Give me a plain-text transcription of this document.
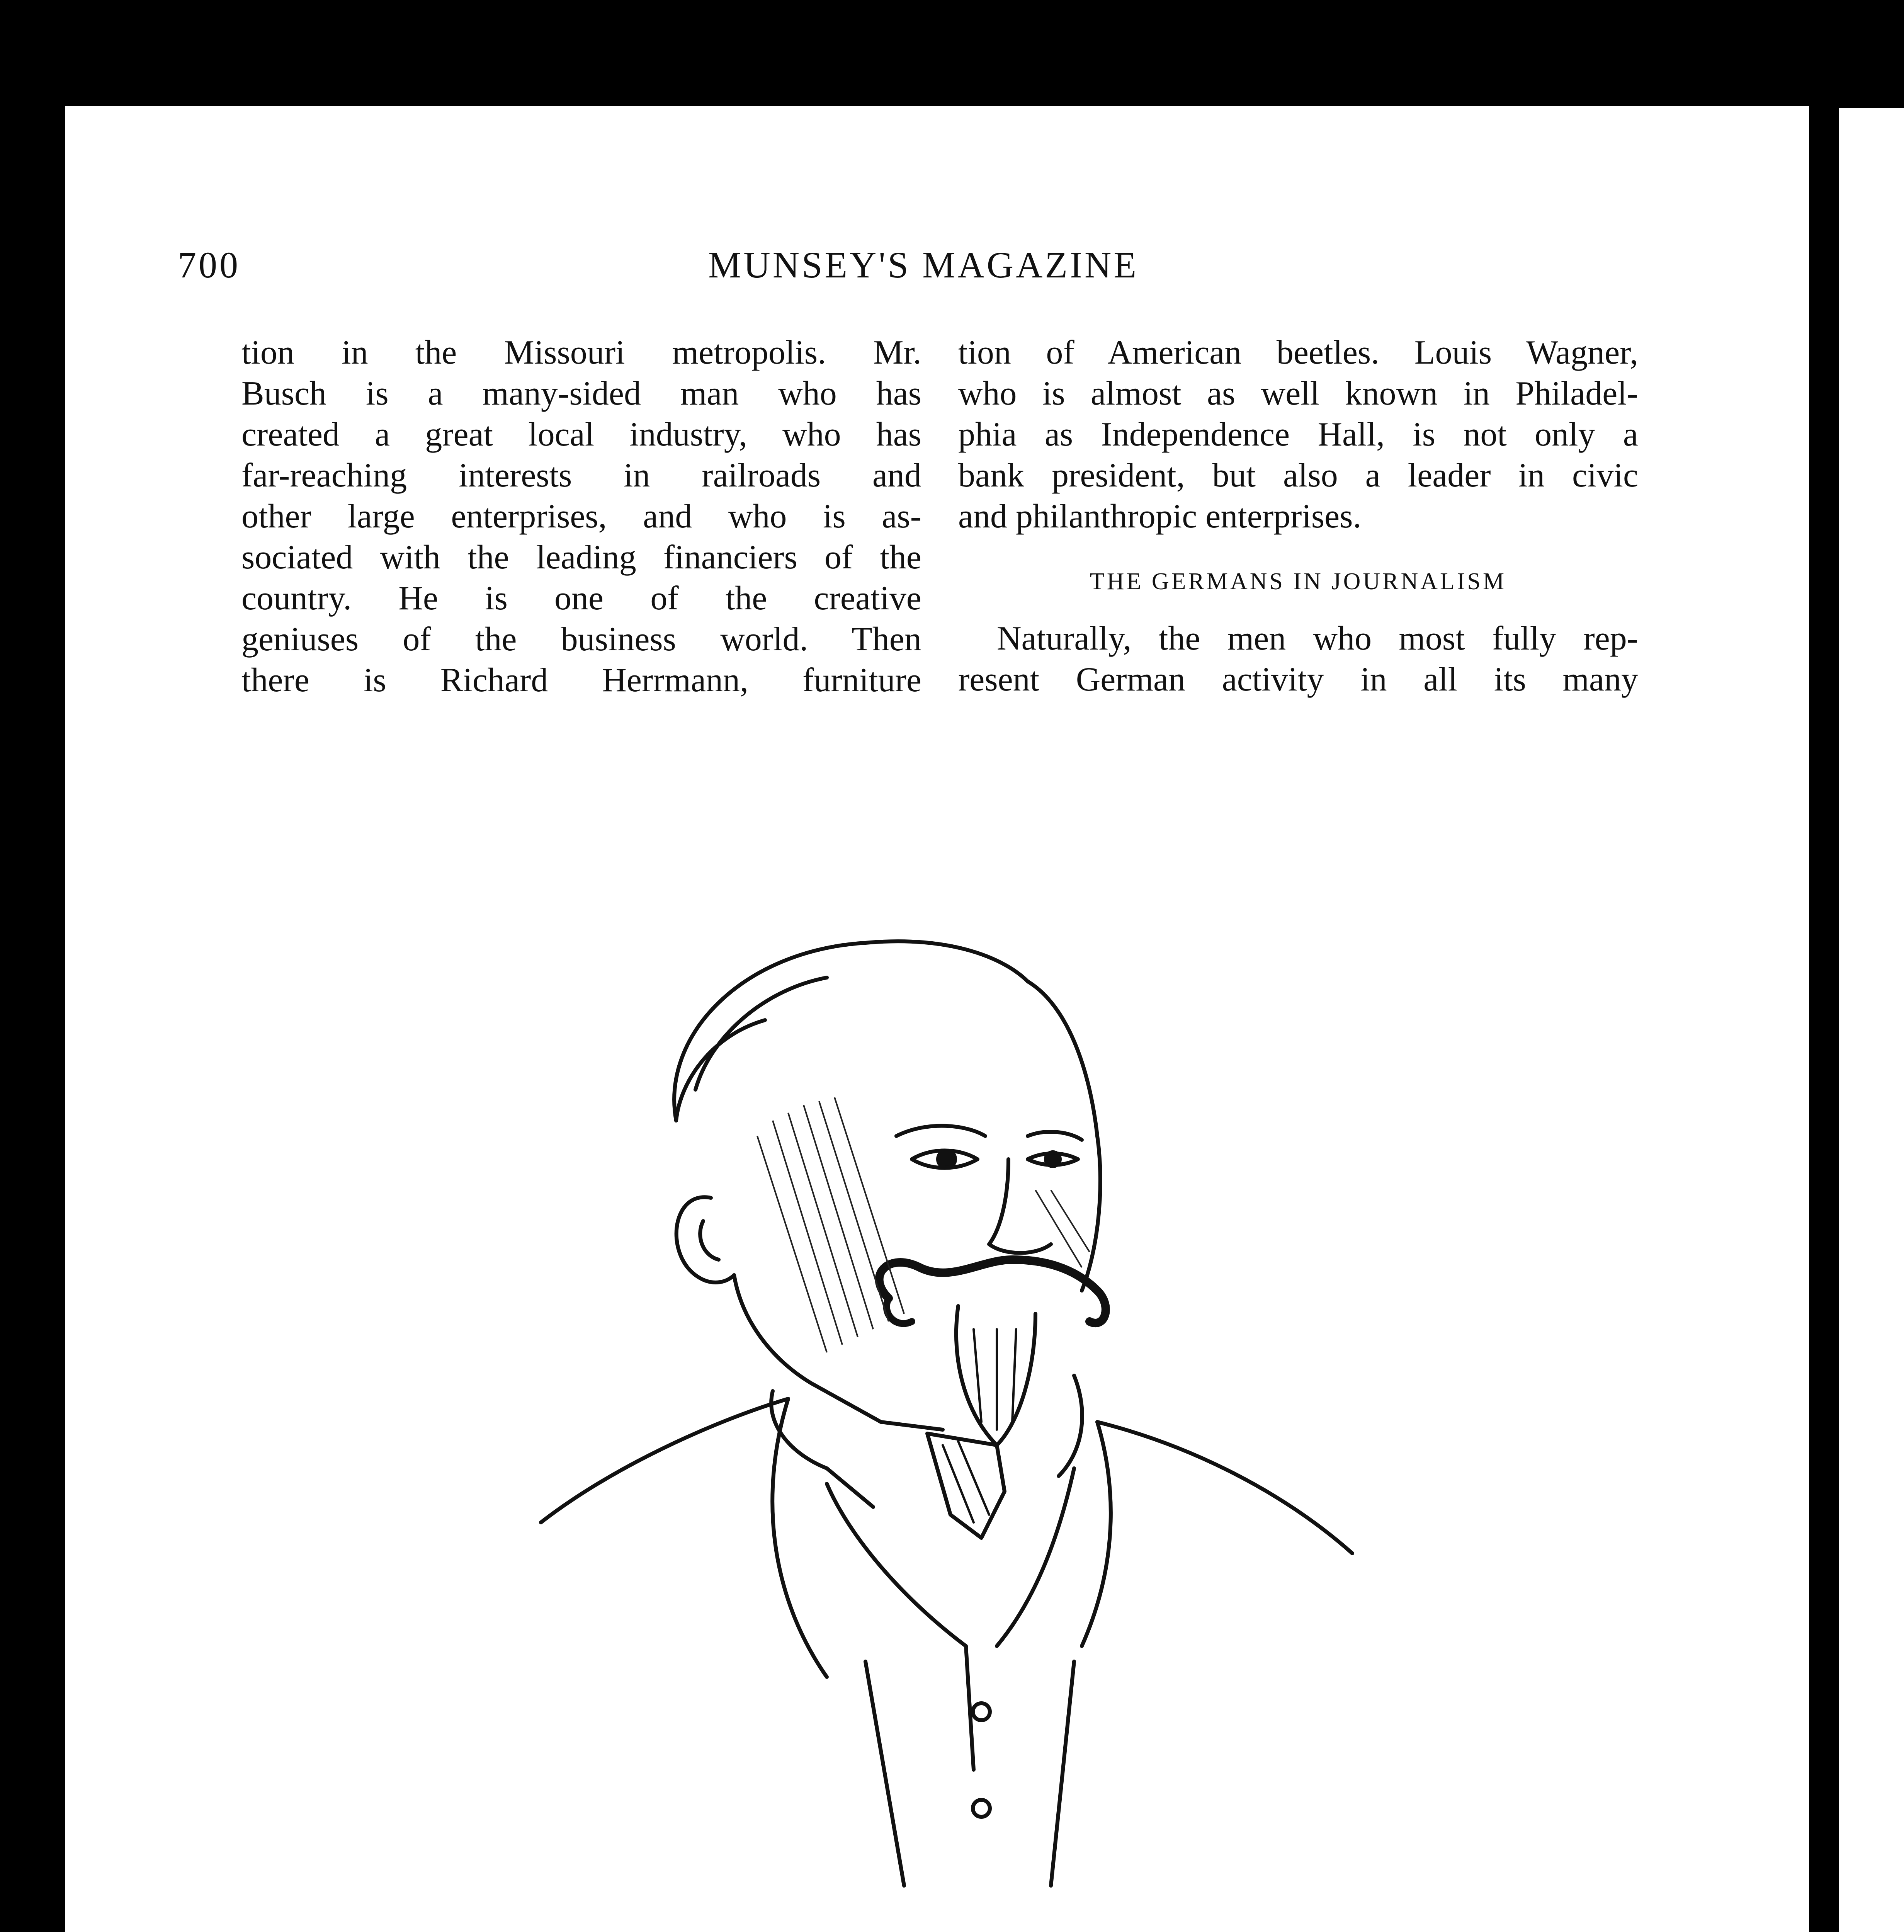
700	MUNSEY'S MAGAZINE

tion in the Missouri metropolis. Mr.

Busch is a many-sided man who has

created a great local industry, who has

far-reaching interests in railroads and

other large enterprises, and who is as-

sociated with the leading financiers of the

country. He is one of the creative

geniuses of the business world. Then

there is Richard Herrmann, furniture

tion of American beetles. Louis Wagner,

who is almost as well known in Philadel-

phia as Independence Hall, is not only a

bank president, but also a leader in civic

and philanthropic enterprises.

THE GERMANS IN JOURNALISM

Naturally, the men who most fully rep-

resent German activity in all its many
